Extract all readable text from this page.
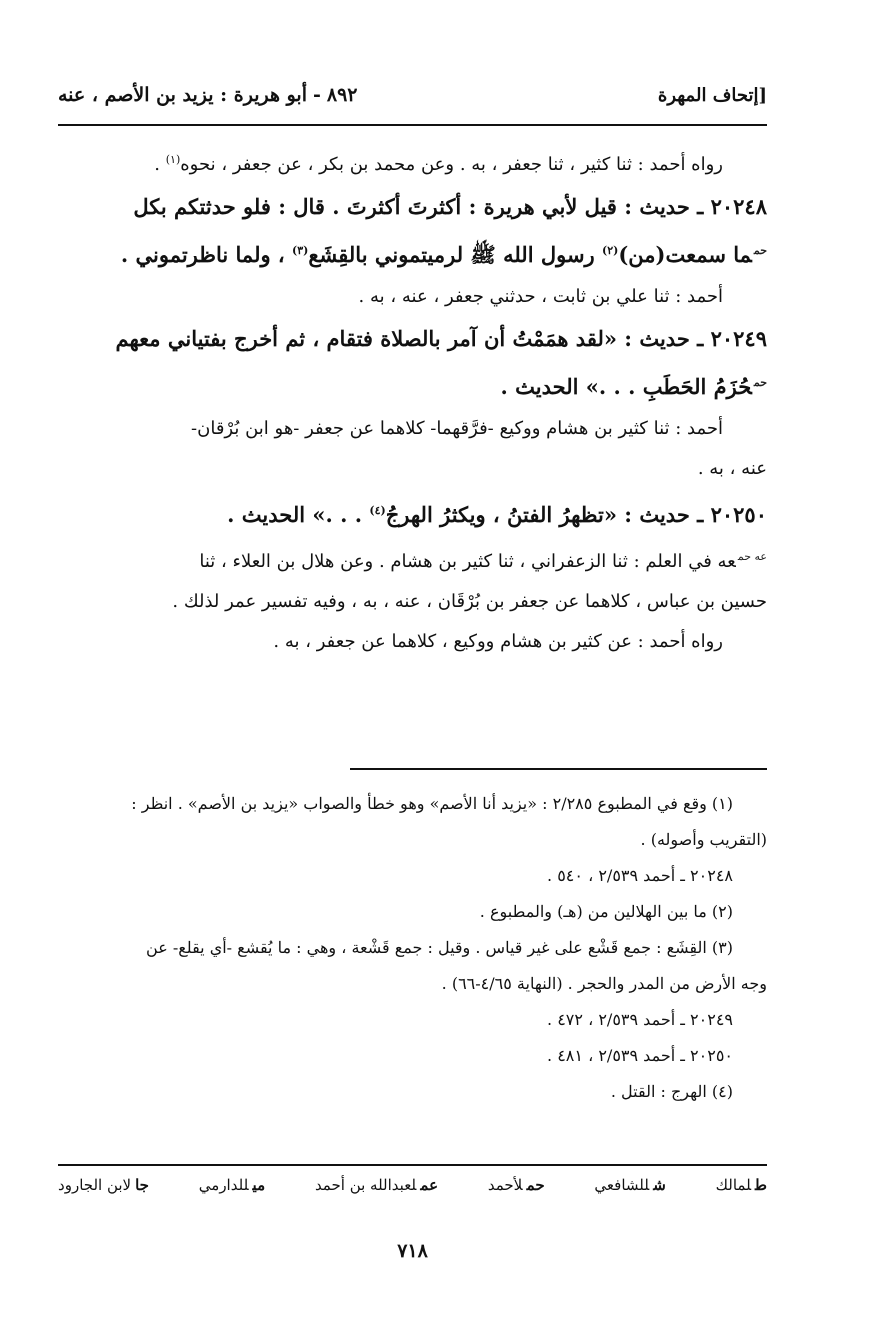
٨٩٢-أبو هريرة : يزيد بن الأصم ، عنه	[إتحاف المهرة

رواه أحمد : ثنا كثير ، ثنا جعفر ، به . وعن محمد بن بكر ، عن جعفر ، نحوه$^{(١)}$ .

٢٠٢٤٨ ـ حديث : قيل لأبي هريرة : أكثرتَ أكثرتَ . قال : فلو حدثتكم بكل

$^{حم}$ما سمعت(من)$^{(٢)}$ رسول الله ﷺ لرميتموني بالقِشَع$^{(٣)}$ ، ولما ناظرتموني .

أحمد : ثنا علي بن ثابت ، حدثني جعفر ، عنه ، به .

٢٠٢٤٩ ـ حديث : «لقد همَمْتُ أن آمر بالصلاة فتقام ، ثم أخرج بفتياني معهم

$^{حم}$حُزَمُ الحَطَبِ . . .» الحديث .

أحمد : ثنا كثير بن هشام ووكيع -فرَّقهما- كلاهما عن جعفر -هو ابن بُرْقان-

عنه ، به .

٢٠٢٥٠ ـ حديث : «تظهرُ الفتنُ ، ويكثرُ الهرجُ$^{(٤)}$ . . .» الحديث .

$^{عه حم}$عه في العلم : ثنا الزعفراني ، ثنا كثير بن هشام . وعن هلال بن العلاء ، ثنا

حسين بن عباس ، كلاهما عن جعفر بن بُرْقَان ، عنه ، به ، وفيه تفسير عمر لذلك .

رواه أحمد : عن كثير بن هشام ووكيع ، كلاهما عن جعفر ، به .

(١) وقع في المطبوع ٢/٢٨٥ : «يزيد أنا الأصم» وهو خطأ والصواب «يزيد بن الأصم» . انظر :

(التقريب وأصوله) .

٢٠٢٤٨ ـ أحمد ٢/٥٣٩ ، ٥٤٠ .

(٢) ما بين الهلالين من (هـ) والمطبوع .

(٣) القِشَع : جمع قَشْع على غير قياس . وقيل : جمع قَشْعة ، وهي : ما يُقشع -أي يقلع- عن

وجه الأرض من المدر والحجر . (النهاية ٤/٦٥-٦٦) .

٢٠٢٤٩ ـ أحمد ٢/٥٣٩ ، ٤٧٢ .

٢٠٢٥٠ ـ أحمد ٢/٥٣٩ ، ٤٨١ .

(٤) الهرج : القتل .

طلمالك
شللشافعي
حملأحمد
عملعبدالله بن أحمد
ميللدارمي
جالابن الجارود
٧١٨
